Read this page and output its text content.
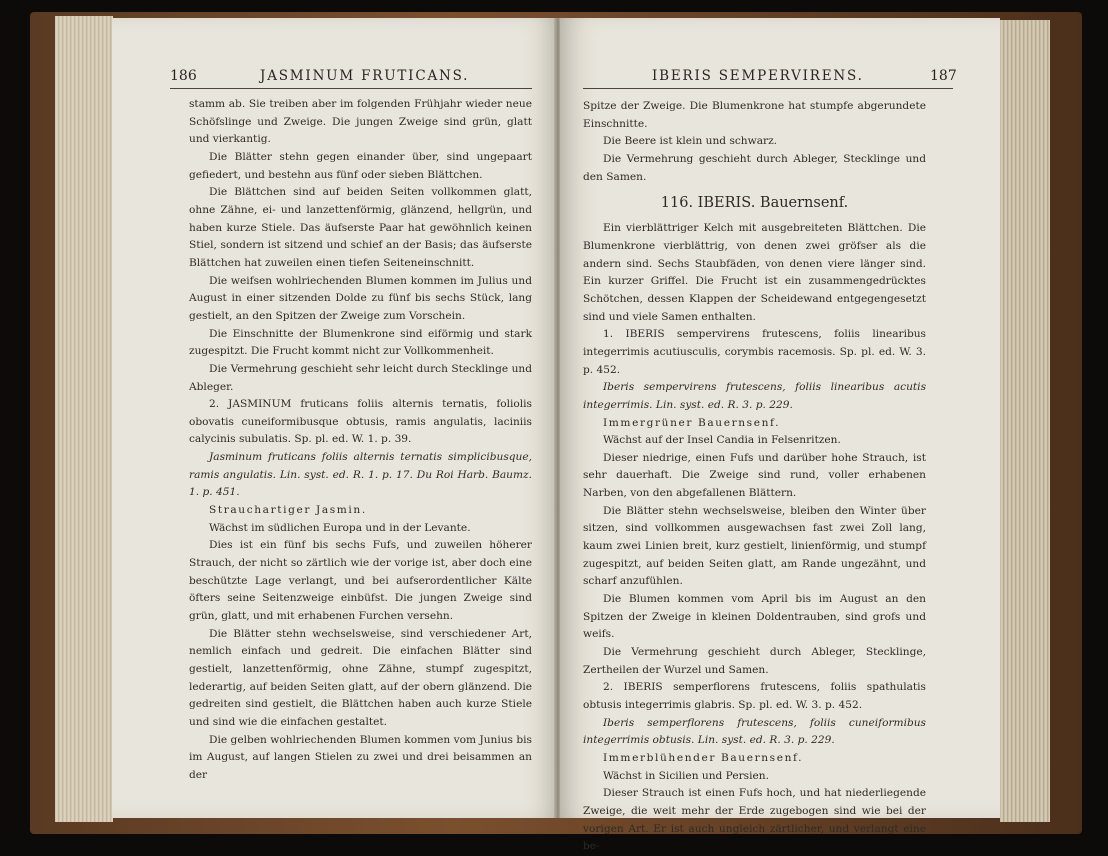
186	JASMINUM FRUTICANS.

stamm ab. Sie treiben aber im folgenden Frühjahr wieder neue Schöfslinge und Zweige. Die jungen Zweige sind grün, glatt und vierkantig.

Die Blätter stehn gegen einander über, sind ungepaart gefiedert, und bestehn aus fünf oder sieben Blättchen.

Die Blättchen sind auf beiden Seiten vollkommen glatt, ohne Zähne, ei- und lanzettenförmig, glänzend, hellgrün, und haben kurze Stiele. Das äufserste Paar hat gewöhnlich keinen Stiel, sondern ist sitzend und schief an der Basis; das äufserste Blättchen hat zuweilen einen tiefen Seiteneinschnitt.

Die weifsen wohlriechenden Blumen kommen im Julius und August in einer sitzenden Dolde zu fünf bis sechs Stück, lang gestielt, an den Spitzen der Zweige zum Vorschein.

Die Einschnitte der Blumenkrone sind eiförmig und stark zugespitzt. Die Frucht kommt nicht zur Vollkommenheit.

Die Vermehrung geschieht sehr leicht durch Stecklinge und Ableger.

2. JASMINUM fruticans foliis alternis ternatis, foliolis obovatis cuneiformibusque obtusis, ramis angulatis, laciniis calycinis subulatis. Sp. pl. ed. W. 1. p. 39.

Jasminum fruticans foliis alternis ternatis simplicibusque, ramis angulatis. Lin. syst. ed. R. 1. p. 17. Du Roi Harb. Baumz. 1. p. 451.

Strauchartiger Jasmin.

Wächst im südlichen Europa und in der Levante.

Dies ist ein fünf bis sechs Fufs, und zuweilen höherer Strauch, der nicht so zärtlich wie der vorige ist, aber doch eine beschützte Lage verlangt, und bei aufserordentlicher Kälte öfters seine Seitenzweige einbüfst. Die jungen Zweige sind grün, glatt, und mit erhabenen Furchen versehn.

Die Blätter stehn wechselsweise, sind verschiedener Art, nemlich einfach und gedreit. Die einfachen Blätter sind gestielt, lanzettenförmig, ohne Zähne, stumpf zugespitzt, lederartig, auf beiden Seiten glatt, auf der obern glänzend. Die gedreiten sind gestielt, die Blättchen haben auch kurze Stiele und sind wie die einfachen gestaltet.

Die gelben wohlriechenden Blumen kommen vom Junius bis im August, auf langen Stielen zu zwei und drei beisammen an der

IBERIS SEMPERVIRENS.	187

Spitze der Zweige. Die Blumenkrone hat stumpfe abgerundete Einschnitte.

Die Beere ist klein und schwarz.

Die Vermehrung geschieht durch Ableger, Stecklinge und den Samen.

116. IBERIS. Bauernsenf.

Ein vierblättriger Kelch mit ausgebreiteten Blättchen. Die Blumenkrone vierblättrig, von denen zwei gröfser als die andern sind. Sechs Staubfäden, von denen viere länger sind. Ein kurzer Griffel. Die Frucht ist ein zusammengedrücktes Schötchen, dessen Klappen der Scheidewand entgegengesetzt sind und viele Samen enthalten.

1. IBERIS sempervirens frutescens, foliis linearibus integerrimis acutiusculis, corymbis racemosis. Sp. pl. ed. W. 3. p. 452.

Iberis sempervirens frutescens, foliis linearibus acutis integerrimis. Lin. syst. ed. R. 3. p. 229.

Immergrüner Bauernsenf.

Wächst auf der Insel Candia in Felsenritzen.

Dieser niedrige, einen Fufs und darüber hohe Strauch, ist sehr dauerhaft. Die Zweige sind rund, voller erhabenen Narben, von den abgefallenen Blättern.

Die Blätter stehn wechselsweise, bleiben den Winter über sitzen, sind vollkommen ausgewachsen fast zwei Zoll lang, kaum zwei Linien breit, kurz gestielt, linienförmig, und stumpf zugespitzt, auf beiden Seiten glatt, am Rande ungezähnt, und scharf anzufühlen.

Die Blumen kommen vom April bis im August an den Spitzen der Zweige in kleinen Doldentrauben, sind grofs und weifs.

Die Vermehrung geschieht durch Ableger, Stecklinge, Zertheilen der Wurzel und Samen.

2. IBERIS semperflorens frutescens, foliis spathulatis obtusis integerrimis glabris. Sp. pl. ed. W. 3. p. 452.

Iberis semperflorens frutescens, foliis cuneiformibus integerrimis obtusis. Lin. syst. ed. R. 3. p. 229.

Immerblühender Bauernsenf.

Wächst in Sicilien und Persien.

Dieser Strauch ist einen Fufs hoch, und hat niederliegende Zweige, die weit mehr der Erde zugebogen sind wie bei der vorigen Art. Er ist auch ungleich zärtlicher, und verlangt eine be-
